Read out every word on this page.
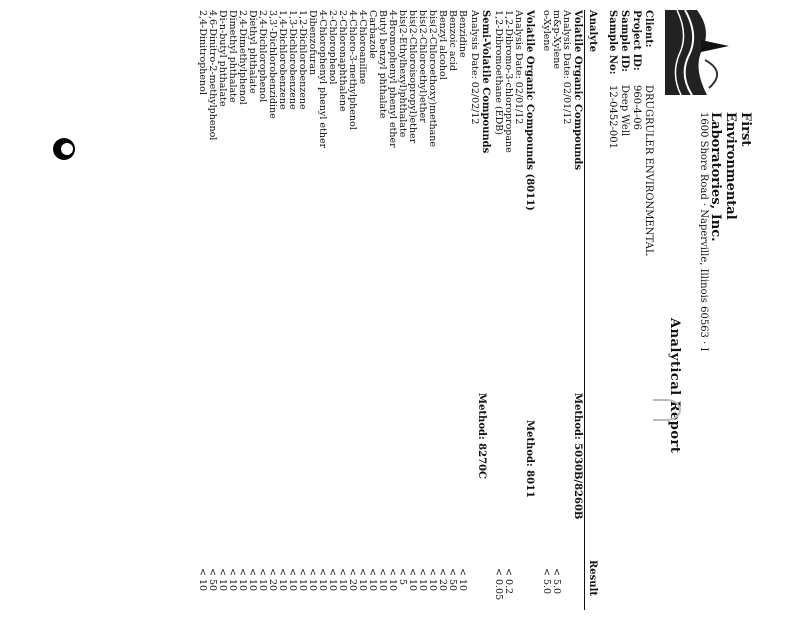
First
Environmental
Laboratories, Inc.
1600 Shore Road · Naperville, Illinois 60563 · I
Analytical Report
Client:
DRUGRULER ENVIRONMENTAL
Project ID:
960-4-06
Sample ID:
Deep Well
Sample No:
12-0452-001
Analyte
Result
Volatile Organic Compounds
Method: 5030B/8260B
Analysis Date: 02/01/12
m&p-Xylene
< 5.0
o-Xylene
< 5.0
Volatile Organic Compounds (8011)
Method: 8011
Analysis Date: 02/01/12
1,2-Dibromo-3-chloropropane
< 0.2
1,2-Dibromoethane (EDB)
< 0.05
Semi-Volatile Compounds
Method: 8270C
Analysis Date: 02/02/12
Benzidine
< 10
Benzoic acid
< 50
Benzyl alcohol
< 20
bis(2-Chloroethoxy)methane
< 10
bis(2-Chloroethyl)ether
< 10
bis(2-Chloroisopropyl)ether
< 10
bis(2-Ethylhexyl)phthalate
< 5
4-Bromophenyl phenyl ether
< 10
Butyl benzyl phthalate
< 10
Carbazole
< 10
4-Chloroaniline
< 10
4-Chloro-3-methylphenol
< 20
2-Chloronaphthalene
< 10
2-Chlorophenol
< 10
4-Chlorophenyl phenyl ether
< 10
Dibenzofuran
< 10
1,2-Dichlorobenzene
< 10
1,3-Dichlorobenzene
< 10
1,4-Dichlorobenzene
< 10
3,3'-Dichlorobenzidine
< 20
2,4-Dichlorophenol
< 10
Diethyl phthalate
< 10
2,4-Dimethylphenol
< 10
Dimethyl phthalate
< 10
Di-n-butyl phthalate
< 10
4,6-Dinitro-2-methylphenol
< 50
2,4-Dinitrophenol
< 10
